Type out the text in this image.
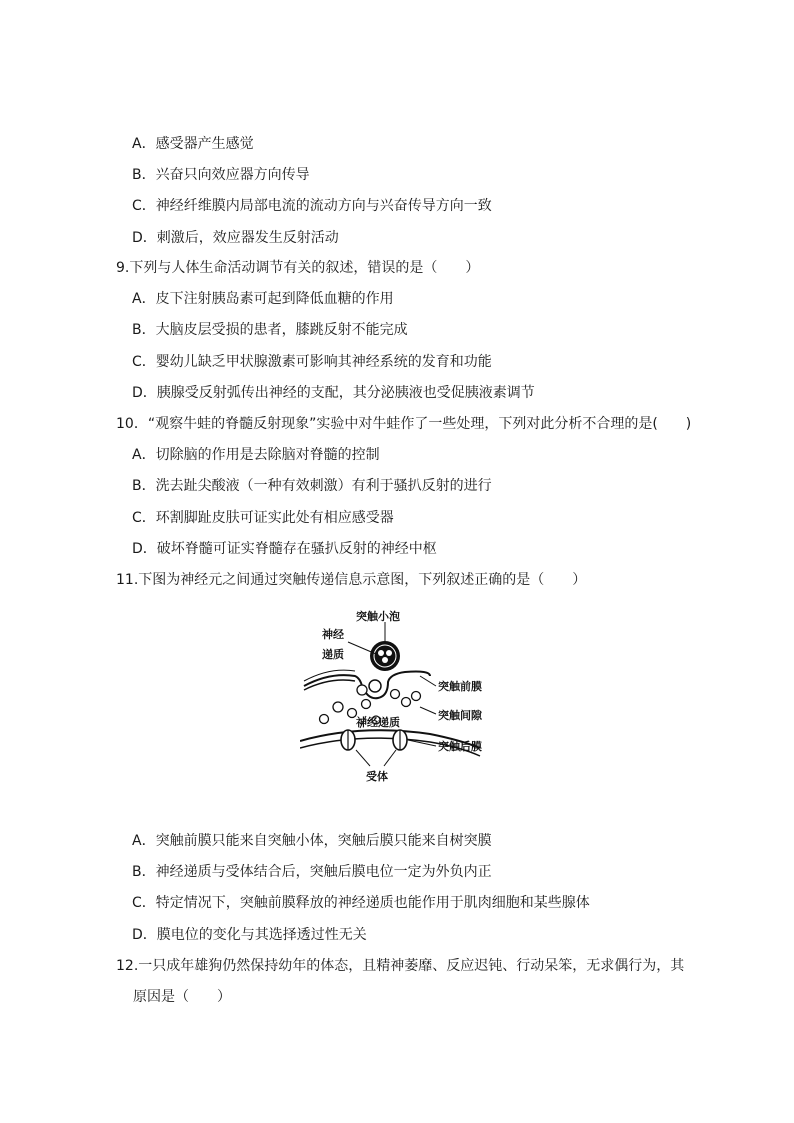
A．感受器产生感觉
B．兴奋只向效应器方向传导
C．神经纤维膜内局部电流的流动方向与兴奋传导方向一致
D．刺激后，效应器发生反射活动
9.下列与人体生命活动调节有关的叙述，错误的是（　　）
A．皮下注射胰岛素可起到降低血糖的作用
B．大脑皮层受损的患者，膝跳反射不能完成
C．婴幼儿缺乏甲状腺激素可影响其神经系统的发育和功能
D．胰腺受反射弧传出神经的支配，其分泌胰液也受促胰液素调节
10．“观察牛蛙的脊髓反射现象”实验中对牛蛙作了一些处理，下列对此分析不合理的是(　　)
A．切除脑的作用是去除脑对脊髓的控制
B．洗去趾尖酸液（一种有效刺激）有利于骚扒反射的进行
C．环割脚趾皮肤可证实此处有相应感受器
D．破坏脊髓可证实脊髓存在骚扒反射的神经中枢
11.下图为神经元之间通过突触传递信息示意图，下列叙述正确的是（　　）
突触小泡
神经
递质
突触前膜
突触间隙
神经递质
突触后膜
受体
A．突触前膜只能来自突触小体，突触后膜只能来自树突膜
B．神经递质与受体结合后，突触后膜电位一定为外负内正
C．特定情况下，突触前膜释放的神经递质也能作用于肌肉细胞和某些腺体
D．膜电位的变化与其选择透过性无关
12.一只成年雄狗仍然保持幼年的体态，且精神萎靡、反应迟钝、行动呆笨，无求偶行为，其
原因是（　　）
